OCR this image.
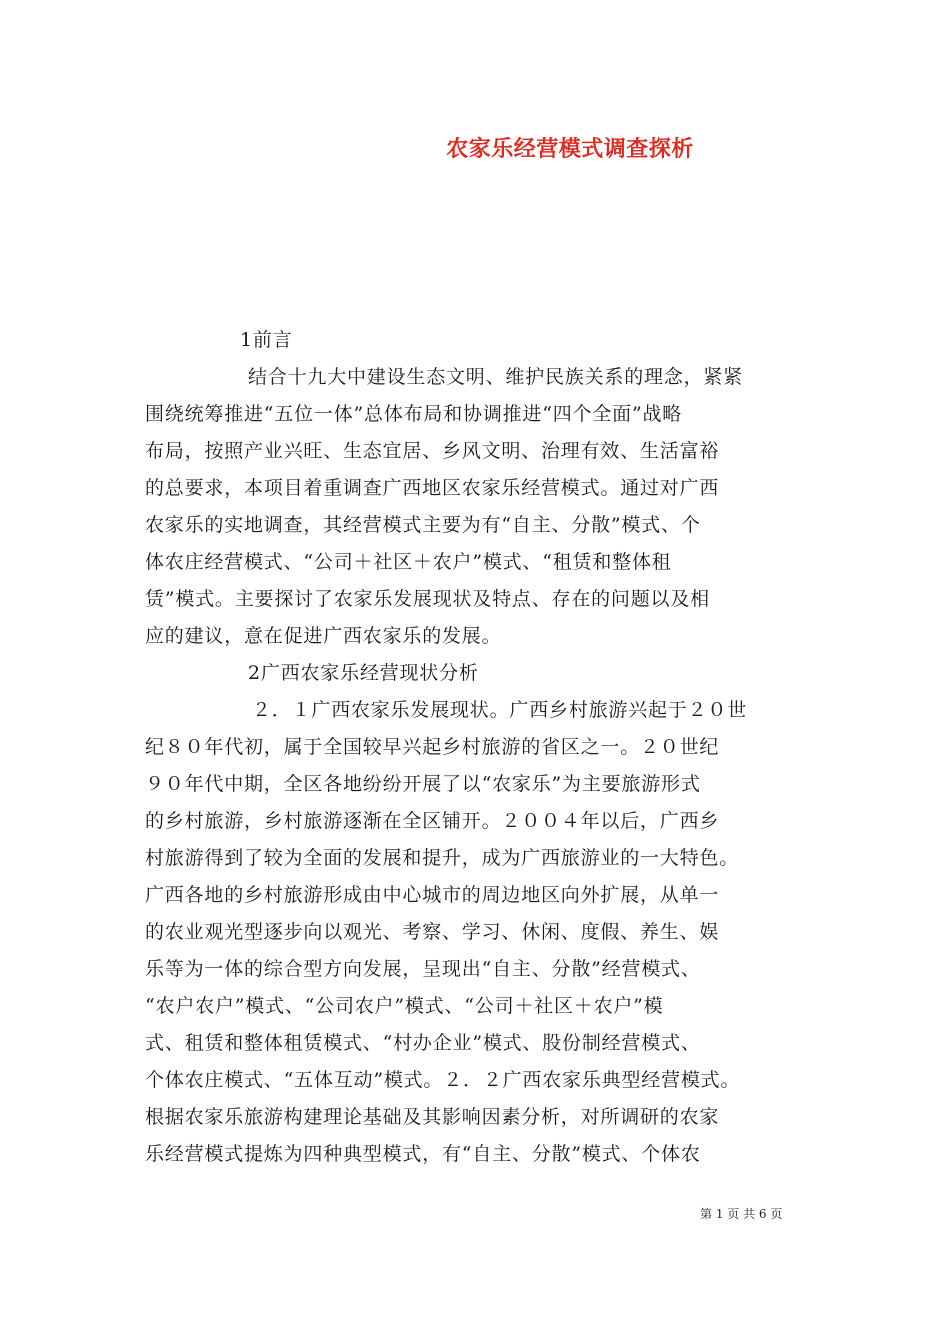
农家乐经营模式调查探析
1前言
结合十九大中建设生态文明、维护民族关系的理念，紧紧
围绕统筹推进“五位一体”总体布局和协调推进“四个全面”战略
布局，按照产业兴旺、生态宜居、乡风文明、治理有效、生活富裕
的总要求，本项目着重调查广西地区农家乐经营模式。通过对广西
农家乐的实地调查，其经营模式主要为有“自主、分散”模式、个
体农庄经营模式、“公司＋社区＋农户”模式、“租赁和整体租
赁”模式。主要探讨了农家乐发展现状及特点、存在的问题以及相
应的建议，意在促进广西农家乐的发展。
2广西农家乐经营现状分析
２．１广西农家乐发展现状。广西乡村旅游兴起于２０世
纪８０年代初，属于全国较早兴起乡村旅游的省区之一。２０世纪
９０年代中期，全区各地纷纷开展了以“农家乐”为主要旅游形式
的乡村旅游，乡村旅游逐渐在全区铺开。２００４年以后，广西乡
村旅游得到了较为全面的发展和提升，成为广西旅游业的一大特色。
广西各地的乡村旅游形成由中心城市的周边地区向外扩展，从单一
的农业观光型逐步向以观光、考察、学习、休闲、度假、养生、娱
乐等为一体的综合型方向发展，呈现出“自主、分散”经营模式、
“农户农户”模式、“公司农户”模式、“公司＋社区＋农户”模
式、租赁和整体租赁模式、“村办企业”模式、股份制经营模式、
个体农庄模式、“五体互动”模式。２．２广西农家乐典型经营模式。
根据农家乐旅游构建理论基础及其影响因素分析，对所调研的农家
乐经营模式提炼为四种典型模式，有“自主、分散”模式、个体农
第 1 页 共 6 页
